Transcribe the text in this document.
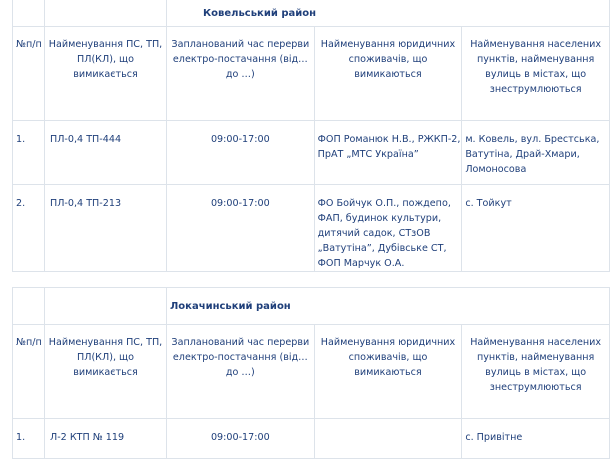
		Ковельський район		
№п/п	Найменування ПС, ТП, ПЛ(КЛ), що вимикається	Запланований час перерви електро-постачання (від… до …)	Найменування юридичних споживачів, що вимикаються	Найменування населених пунктів, найменування вулиць в містах, що знеструмлюються
1.	ПЛ-0,4 ТП-444	09:00-17:00	ФОП Романюк Н.В., РЖКП-2, ПрАТ „МТС Україна”	м. Ковель, вул. Брестська, Ватутіна, Драй-Хмари, Ломоносова
2.	ПЛ-0,4 ТП-213	09:00-17:00	ФО Бойчук О.П., пождепо, ФАП, будинок культури, дитячий садок, СТзОВ „Ватутіна”, Дубівське СТ, ФОП Марчук О.А.	с. Тойкут
		Локачинський район		
№п/п	Найменування ПС, ТП, ПЛ(КЛ), що вимикається	Запланований час перерви електро-постачання (від… до …)	Найменування юридичних споживачів, що вимикаються	Найменування населених пунктів, найменування вулиць в містах, що знеструмлюються
1.	Л-2 КТП № 119	09:00-17:00		с. Привітне
